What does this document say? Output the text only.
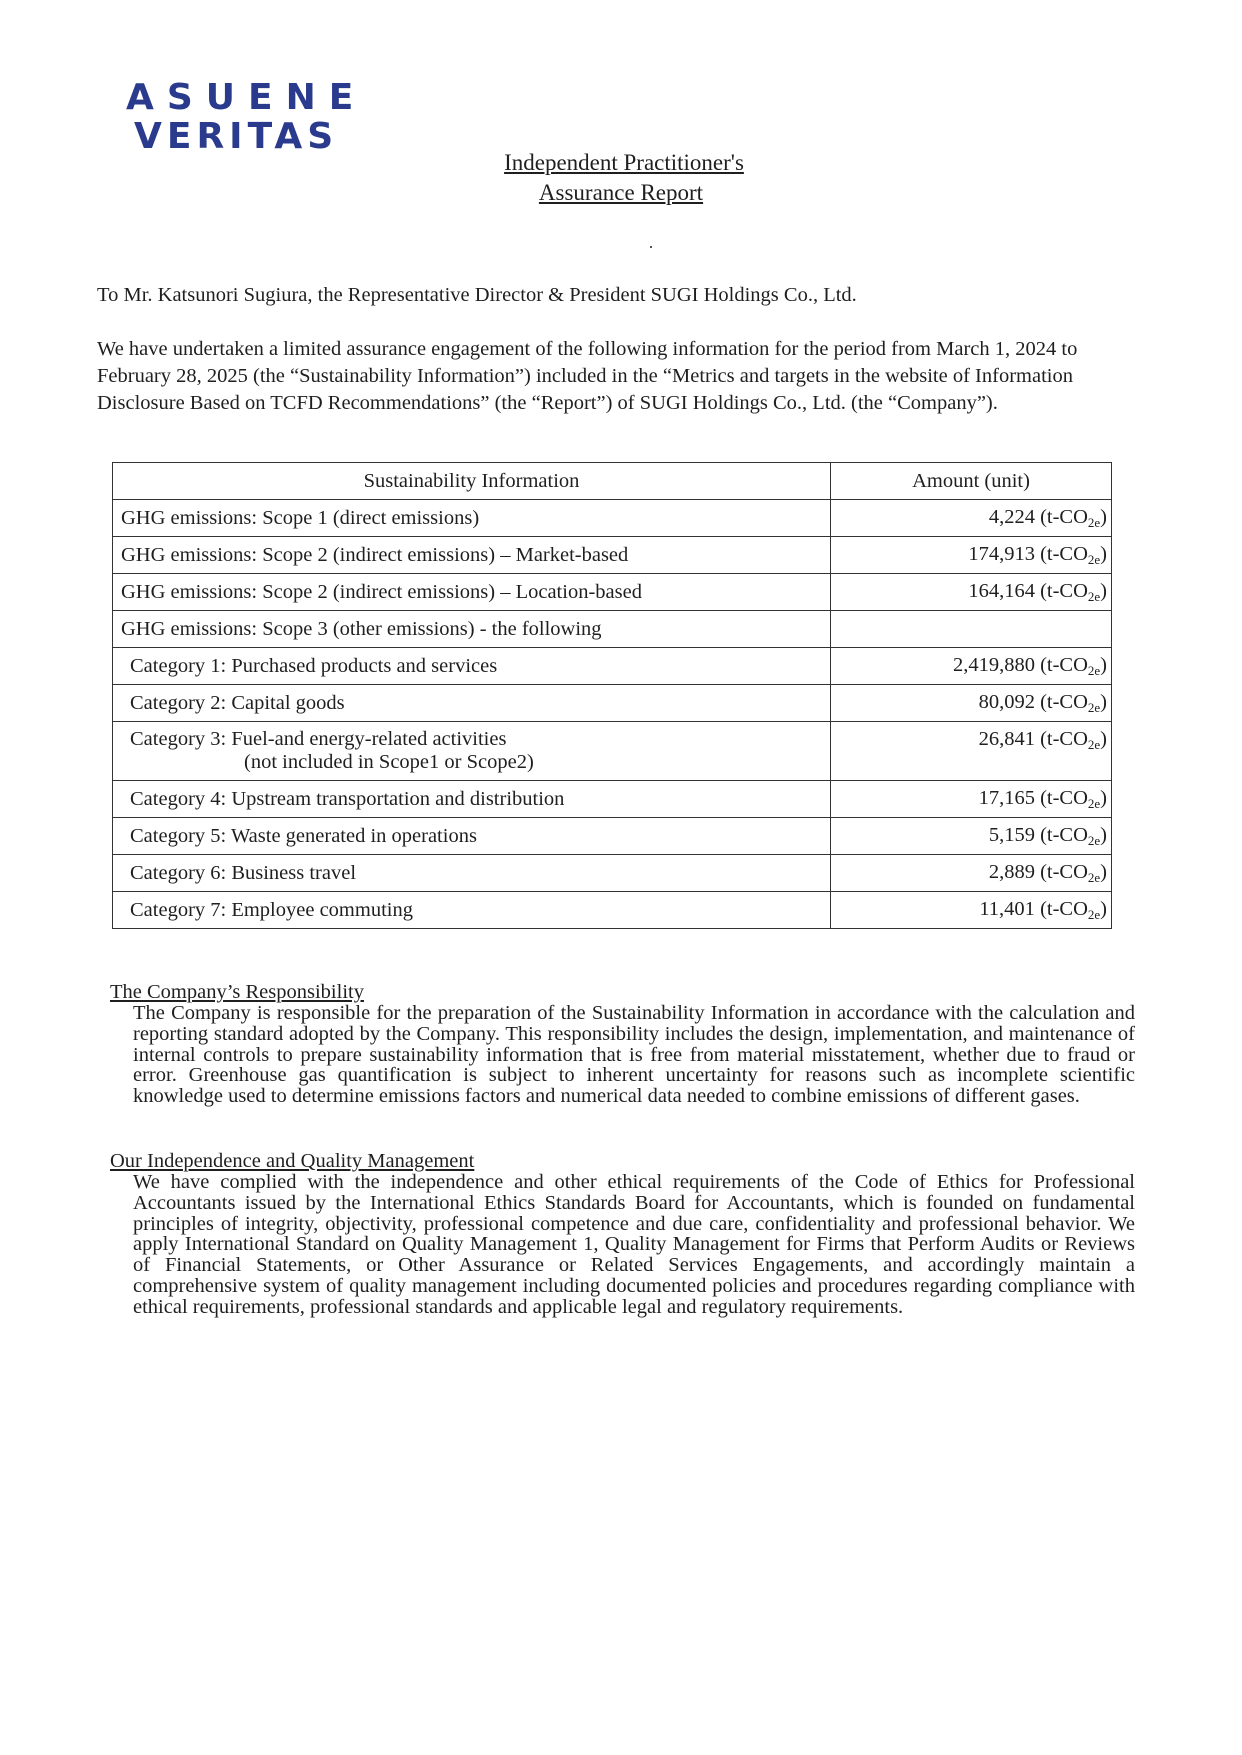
ASUENE
VERITAS
Independent Practitioner's
Assurance Report
To Mr. Katsunori Sugiura, the Representative Director & President SUGI Holdings Co., Ltd.
We have undertaken a limited assurance engagement of the following information for the period from March 1, 2024 to February 28, 2025 (the “Sustainability Information”) included in the “Metrics and targets in the website of Information Disclosure Based on TCFD Recommendations” (the “Report”) of SUGI Holdings Co., Ltd. (the “Company”).
Sustainability Information	Amount (unit)
GHG emissions: Scope 1 (direct emissions)	4,224 $(t-CO_{2e})$
GHG emissions: Scope 2 (indirect emissions) – Market-based	174,913 $(t-CO_{2e})$
GHG emissions: Scope 2 (indirect emissions) – Location-based	164,164 $(t-CO_{2e})$
GHG emissions: Scope 3 (other emissions) - the following	
Category 1: Purchased products and services	2,419,880 $(t-CO_{2e})$
Category 2: Capital goods	80,092 $(t-CO_{2e})$
Category 3: Fuel-and energy-related activities
(not included in Scope1 or Scope2)	26,841 $(t-CO_{2e})$
Category 4: Upstream transportation and distribution	17,165 $(t-CO_{2e})$
Category 5: Waste generated in operations	5,159 $(t-CO_{2e})$
Category 6: Business travel	2,889 $(t-CO_{2e})$
Category 7: Employee commuting	11,401 $(t-CO_{2e})$
The Company’s Responsibility
The Company is responsible for the preparation of the Sustainability Information in accordance with the calculation and reporting standard adopted by the Company. This responsibility includes the design, implementation, and maintenance of internal controls to prepare sustainability information that is free from material misstatement, whether due to fraud or error. Greenhouse gas quantification is subject to inherent uncertainty for reasons such as incomplete scientific knowledge used to determine emissions factors and numerical data needed to combine emissions of different gases.
Our Independence and Quality Management
We have complied with the independence and other ethical requirements of the Code of Ethics for Professional Accountants issued by the International Ethics Standards Board for Accountants, which is founded on fundamental principles of integrity, objectivity, professional competence and due care, confidentiality and professional behavior. We apply International Standard on Quality Management 1, Quality Management for Firms that Perform Audits or Reviews of Financial Statements, or Other Assurance or Related Services Engagements, and accordingly maintain a comprehensive system of quality management including documented policies and procedures regarding compliance with ethical requirements, professional standards and applicable legal and regulatory requirements.
